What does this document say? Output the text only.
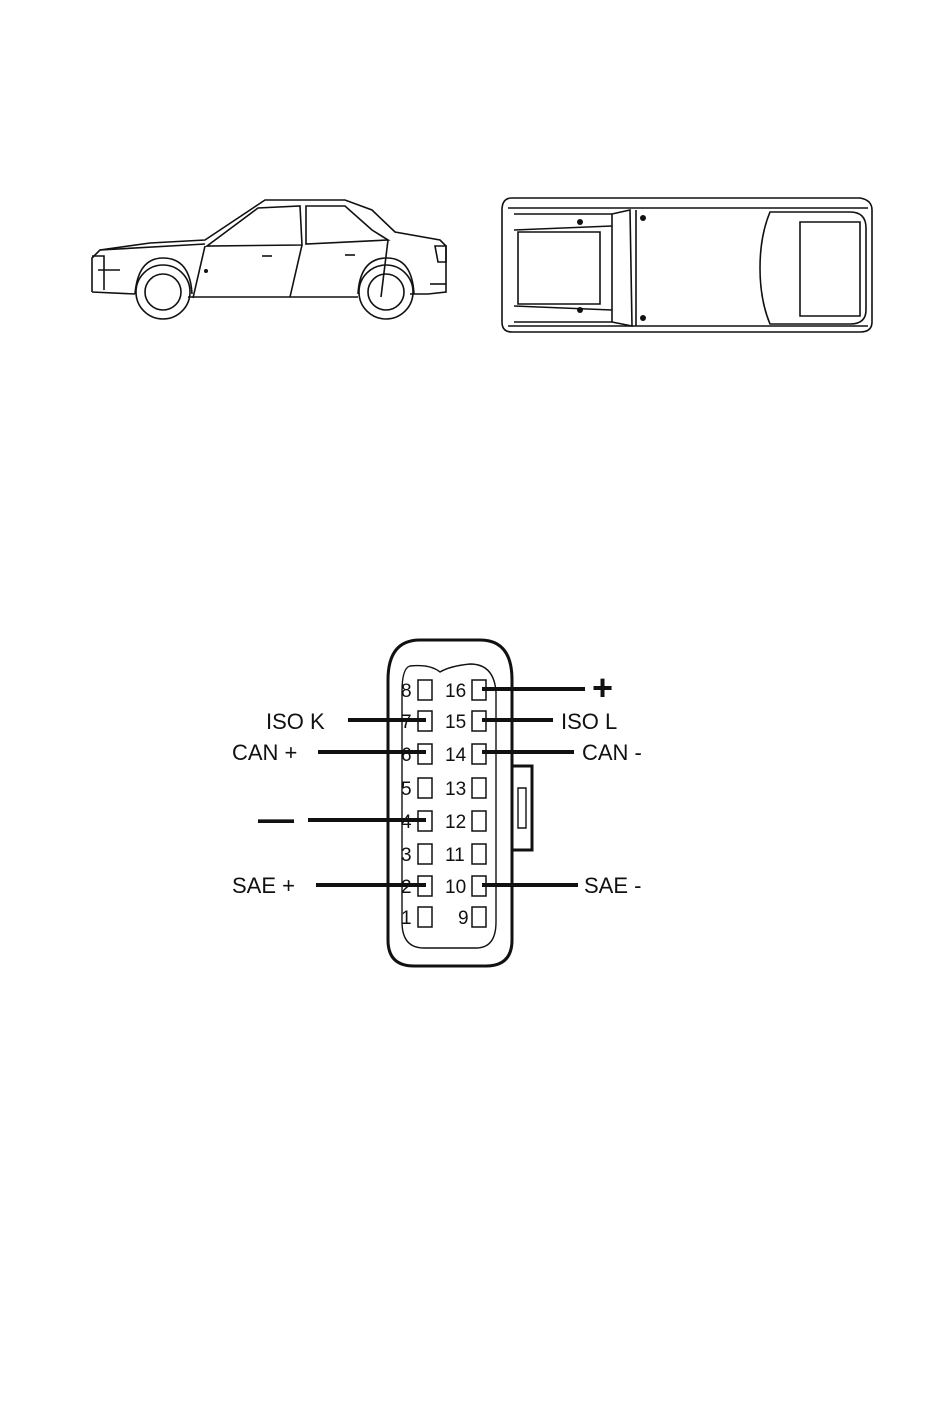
8
7
6
5
4
3
2
1
16
15
14
13
12
11
10
9
+
ISO K	ISO L
CAN +	CAN -
—
SAE +	SAE -
